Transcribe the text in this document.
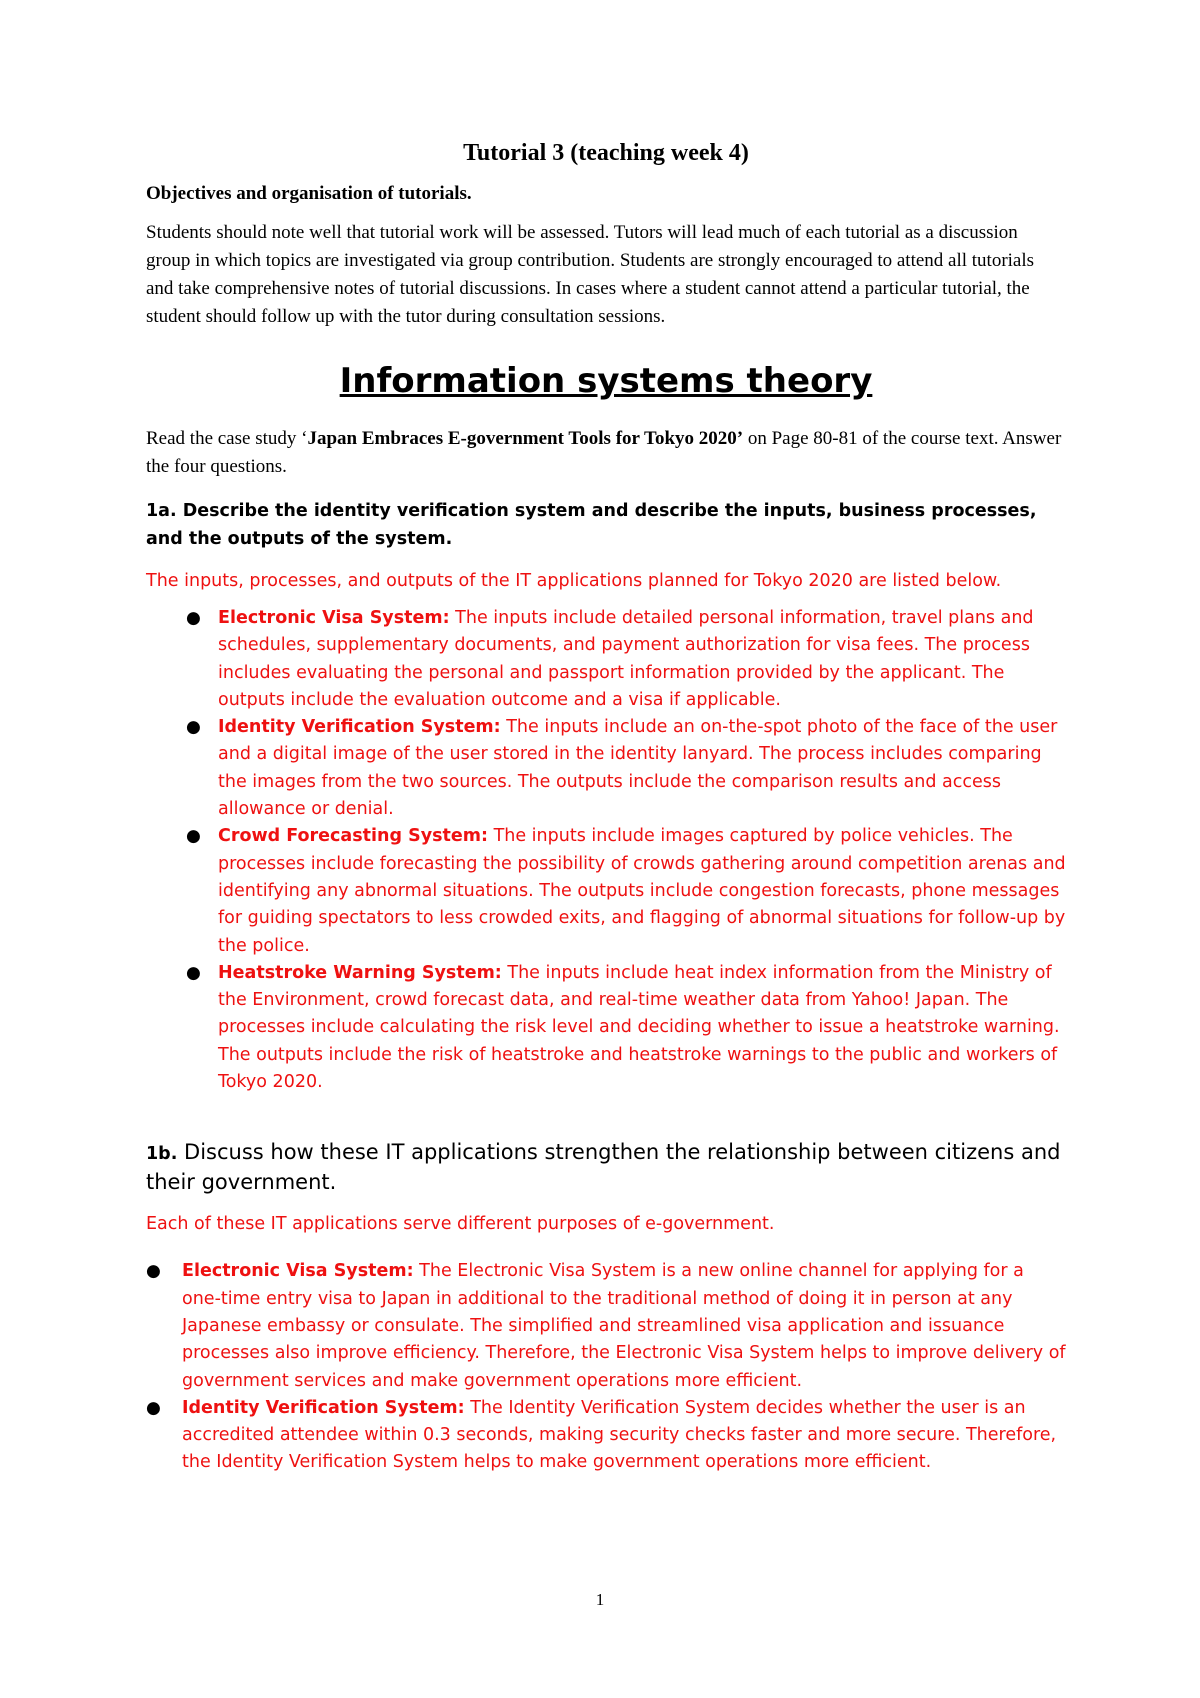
Tutorial 3 (teaching week 4)
Objectives and organisation of tutorials.
Students should note well that tutorial work will be assessed. Tutors will lead much of each tutorial as a discussion group in which topics are investigated via group contribution. Students are strongly encouraged to attend all tutorials and take comprehensive notes of tutorial discussions. In cases where a student cannot attend a particular tutorial, the student should follow up with the tutor during consultation sessions.
Information systems theory
Read the case study ‘Japan Embraces E-government Tools for Tokyo 2020’ on Page 80-81 of the course text. Answer the four questions.
1a. Describe the identity verification system and describe the inputs, business processes, and the outputs of the system.
The inputs, processes, and outputs of the IT applications planned for Tokyo 2020 are listed below.
● Electronic Visa System: The inputs include detailed personal information, travel plans and schedules, supplementary documents, and payment authorization for visa fees. The process includes evaluating the personal and passport information provided by the applicant. The outputs include the evaluation outcome and a visa if applicable.
● Identity Verification System: The inputs include an on-the-spot photo of the face of the user and a digital image of the user stored in the identity lanyard. The process includes comparing the images from the two sources. The outputs include the comparison results and access allowance or denial.
● Crowd Forecasting System: The inputs include images captured by police vehicles. The processes include forecasting the possibility of crowds gathering around competition arenas and identifying any abnormal situations. The outputs include congestion forecasts, phone messages for guiding spectators to less crowded exits, and flagging of abnormal situations for follow-up by the police.
● Heatstroke Warning System: The inputs include heat index information from the Ministry of the Environment, crowd forecast data, and real-time weather data from Yahoo! Japan. The processes include calculating the risk level and deciding whether to issue a heatstroke warning. The outputs include the risk of heatstroke and heatstroke warnings to the public and workers of Tokyo 2020.
1b. Discuss how these IT applications strengthen the relationship between citizens and their government.
Each of these IT applications serve different purposes of e-government.
● Electronic Visa System: The Electronic Visa System is a new online channel for applying for a one-time entry visa to Japan in additional to the traditional method of doing it in person at any Japanese embassy or consulate. The simplified and streamlined visa application and issuance processes also improve efficiency. Therefore, the Electronic Visa System helps to improve delivery of government services and make government operations more efficient.
● Identity Verification System: The Identity Verification System decides whether the user is an accredited attendee within 0.3 seconds, making security checks faster and more secure. Therefore, the Identity Verification System helps to make government operations more efficient.
1
